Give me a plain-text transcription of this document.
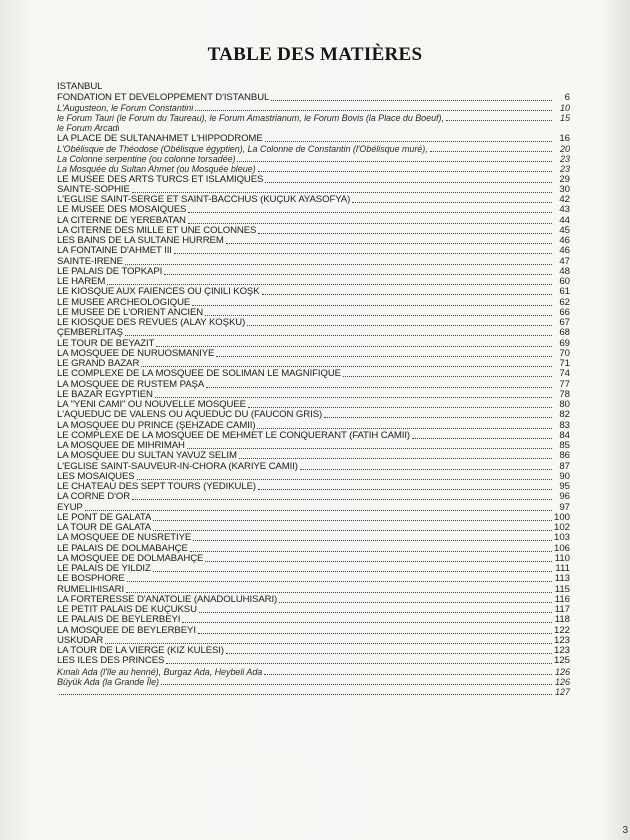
TABLE DES MATIÈRES
ISTANBUL
FONDATION ET DÉVELOPPEMENT D'ISTANBUL	6
L'Augusteon, le Forum Constantini	10
le Forum Tauri (le Forum du Taureau), le Forum Amastrianum, le Forum Bovis (la Place du Boeuf),	15
le Forum Arcadi
LA PLACE DE SULTANAHMET L'HIPPODROME	16
L'Obélisque de Théodose (Obélisque égyptien), La Colonne de Constantin (l'Obélisque muré),	20
La Colonne serpentine (ou colonne torsadée)	23
La Mosquée du Sultan Ahmet (ou Mosquée bleue)	23
LE MUSÉE DES ARTS TURCS ET ISLAMIQUES	29
SAINTE-SOPHIE	30
L'ÉGLISE SAINT-SERGE ET SAINT-BACCHUS (KÜÇÜK AYASOFYA)	42
LE MUSÉE DES MOSAÏQUES	43
LA CITERNE DE YEREBATAN	44
LA CITERNE DES MILLE ET UNE COLONNES	45
LES BAINS DE LA SULTANE HÜRREM	46
LA FONTAINE D'AHMET III	46
SAINTE-IRÈNE	47
LE PALAIS DE TOPKAPI	48
LE HAREM	60
LE KIOSQUE AUX FAÏENCES OU ÇİNİLİ KÖŞK	61
LE MUSÉE ARCHÉOLOGIQUE	62
LE MUSÉE DE L'ORIENT ANCIEN	66
LE KIOSQUE DES REVUES (ALAY KÖŞKÜ)	67
ÇEMBERLİTAŞ	68
LE TOUR DE BEYAZIT	69
LA MOSQUÉE DE NURUOSMANİYE	70
LE GRAND BAZAR	71
LE COMPLEXE DE LA MOSQUÉE DE SOLIMAN LE MAGNIFIQUE	74
LA MOSQUÉE DE RÜSTEM PAŞA	77
LE BAZAR ÉGYPTIEN	78
LA "YENİ CAMİ" OU NOUVELLE MOSQUÉE	80
L'AQUEDUC DE VALENS OU AQUEDUC DU (FAUCON GRIS)	82
LA MOSQUÉE DU PRINCE (ŞEHZADE CAMİİ)	83
LE COMPLEXE DE LA MOSQUÉE DE MEHMET LE CONQUÉRANT (FATİH CAMİİ)	84
LA MOSQUÉE DE MİHRİMAH	85
LA MOSQUÉE DU SULTAN YAVUZ SELİM	86
L'ÉGLISE SAINT-SAUVEUR-IN-CHORA (KARİYE CAMİİ)	87
LES MOSAÏQUES	90
LE CHÂTEAU DES SEPT TOURS (YEDİKULE)	95
LA CORNE D'OR	96
EYÜP	97
LE PONT DE GALATA	100
LA TOUR DE GALATA	102
LA MOSQUÉE DE NUSRETİYE	103
LE PALAIS DE DOLMABAHÇE	106
LA MOSQUÉE DE DOLMABAHÇE	110
LE PALAIS DE YILDIZ	111
LE BOSPHORE	113
RUMELİHİSARI	115
LA FORTERESSE D'ANATOLIE (ANADOLUHİSARI)	116
LE PETIT PALAIS DE KÜÇÜKSU	117
LE PALAIS DE BEYLERBEYİ	118
LA MOSQUÉE DE BEYLERBEYİ	122
ÜSKÜDAR	123
LA TOUR DE LA VIERGE (KIZ KULESİ)	123
LES ÎLES DES PRINCES	125
Kınalı Ada (l'île au henné), Burgaz Ada, Heybeli Ada	126
Büyük Ada (la Grande Île)	126
127
3
